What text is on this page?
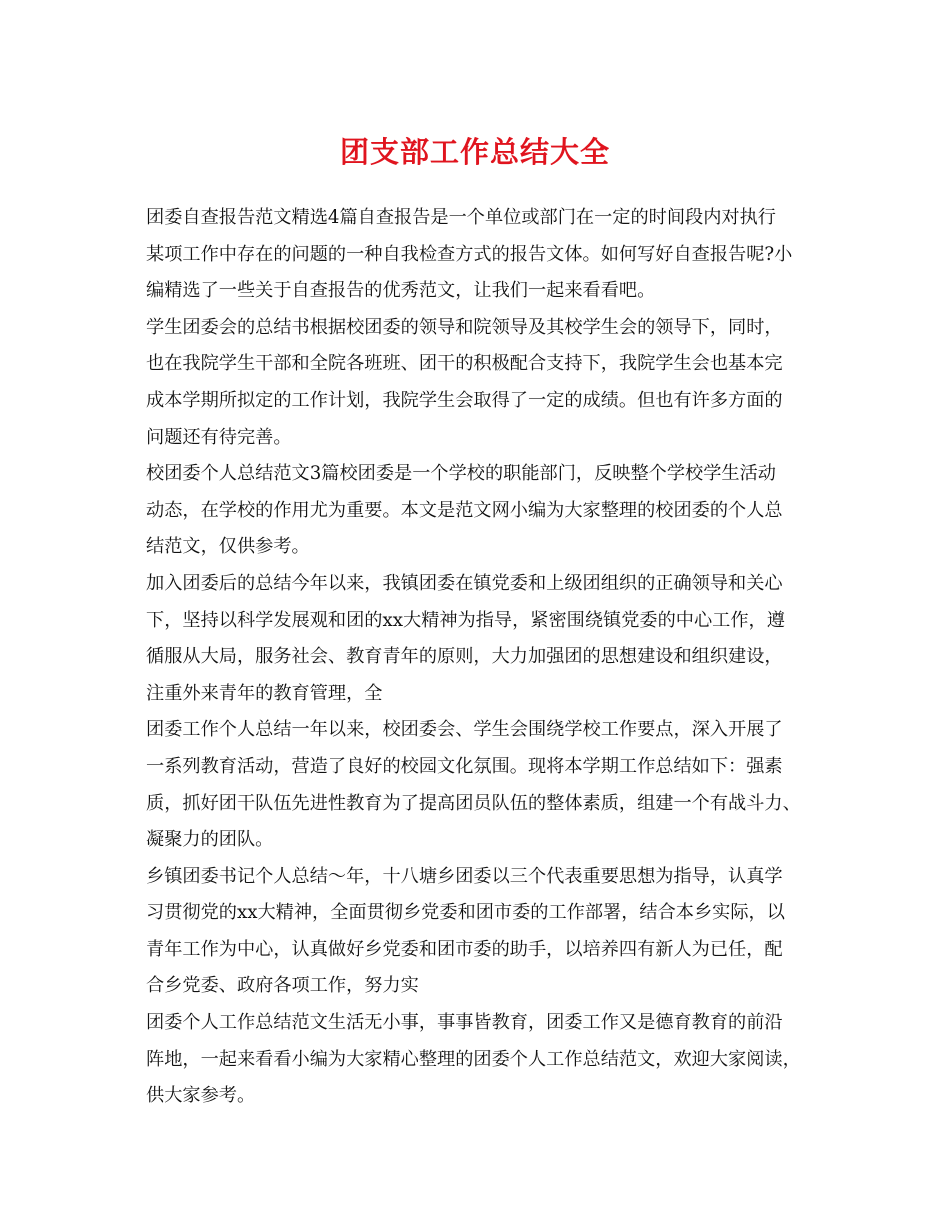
团支部工作总结大全

团委自查报告范文精选4篇自查报告是一个单位或部门在一定的时间段内对执行
某项工作中存在的问题的一种自我检查方式的报告文体。如何写好自查报告呢?小
编精选了一些关于自查报告的优秀范文，让我们一起来看看吧。

学生团委会的总结书根据校团委的领导和院领导及其校学生会的领导下，同时，
也在我院学生干部和全院各班班、团干的积极配合支持下，我院学生会也基本完
成本学期所拟定的工作计划，我院学生会取得了一定的成绩。但也有许多方面的
问题还有待完善。

校团委个人总结范文3篇校团委是一个学校的职能部门，反映整个学校学生活动
动态，在学校的作用尤为重要。本文是范文网小编为大家整理的校团委的个人总
结范文，仅供参考。

加入团委后的总结今年以来，我镇团委在镇党委和上级团组织的正确领导和关心
下，坚持以科学发展观和团的xx大精神为指导，紧密围绕镇党委的中心工作，遵
循服从大局，服务社会、教育青年的原则，大力加强团的思想建设和组织建设，
注重外来青年的教育管理，全

团委工作个人总结一年以来，校团委会、学生会围绕学校工作要点，深入开展了
一系列教育活动，营造了良好的校园文化氛围。现将本学期工作总结如下：强素
质，抓好团干队伍先进性教育为了提高团员队伍的整体素质，组建一个有战斗力、
凝聚力的团队。

乡镇团委书记个人总结～年，十八塘乡团委以三个代表重要思想为指导，认真学
习贯彻党的xx大精神，全面贯彻乡党委和团市委的工作部署，结合本乡实际，以
青年工作为中心，认真做好乡党委和团市委的助手，以培养四有新人为已任，配
合乡党委、政府各项工作，努力实

团委个人工作总结范文生活无小事，事事皆教育，团委工作又是德育教育的前沿
阵地，一起来看看小编为大家精心整理的团委个人工作总结范文，欢迎大家阅读，
供大家参考。
